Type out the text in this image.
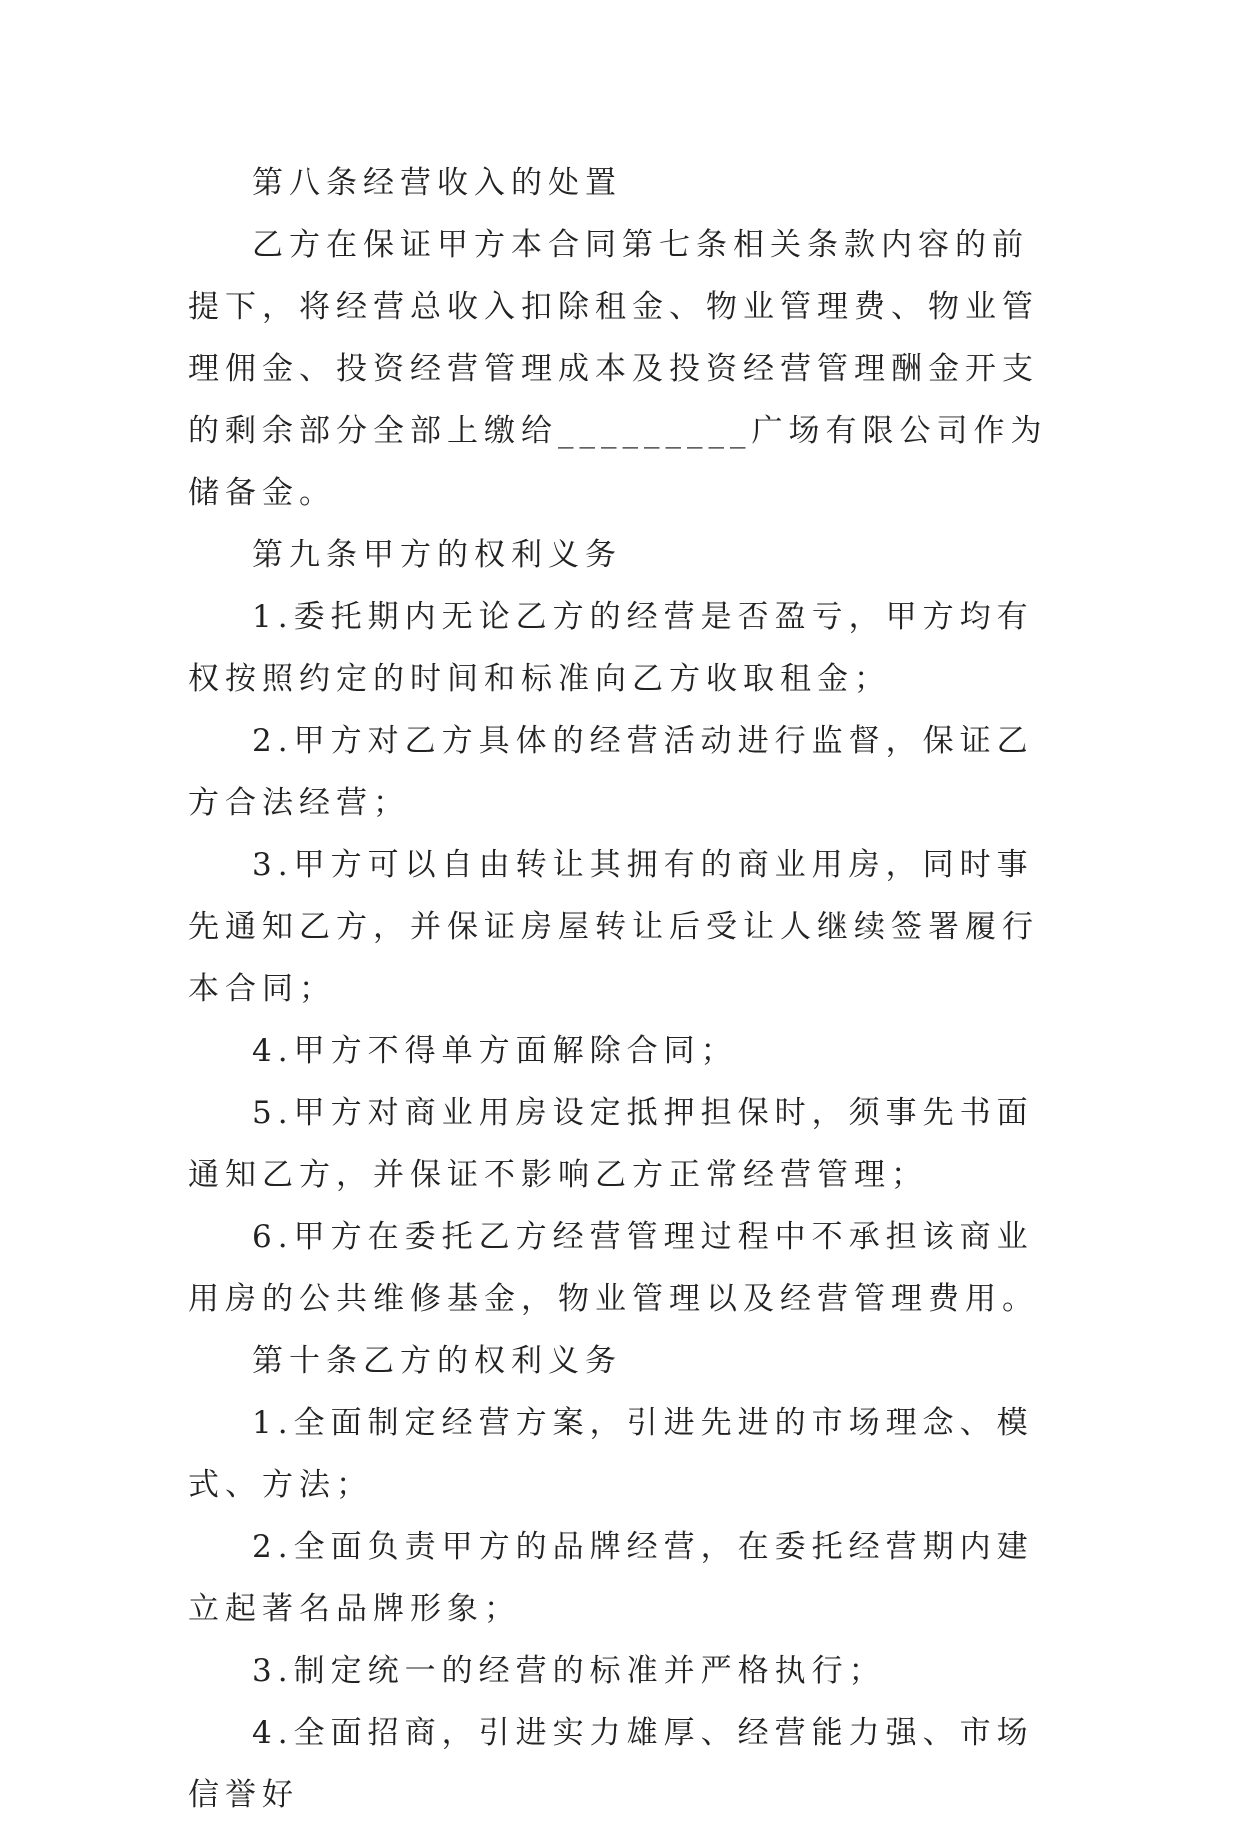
第八条经营收入的处置

乙方在保证甲方本合同第七条相关条款内容的前提下，将经营总收入扣除租金、物业管理费、物业管理佣金、投资经营管理成本及投资经营管理酬金开支的剩余部分全部上缴给_________广场有限公司作为储备金。

第九条甲方的权利义务

1.委托期内无论乙方的经营是否盈亏，甲方均有权按照约定的时间和标准向乙方收取租金；

2.甲方对乙方具体的经营活动进行监督，保证乙方合法经营；

3.甲方可以自由转让其拥有的商业用房，同时事先通知乙方，并保证房屋转让后受让人继续签署履行本合同；

4.甲方不得单方面解除合同；

5.甲方对商业用房设定抵押担保时，须事先书面通知乙方，并保证不影响乙方正常经营管理；

6.甲方在委托乙方经营管理过程中不承担该商业用房的公共维修基金，物业管理以及经营管理费用。

第十条乙方的权利义务

1.全面制定经营方案，引进先进的市场理念、模式、方法；

2.全面负责甲方的品牌经营，在委托经营期内建立起著名品牌形象；

3.制定统一的经营的标准并严格执行；

4.全面招商，引进实力雄厚、经营能力强、市场信誉好
